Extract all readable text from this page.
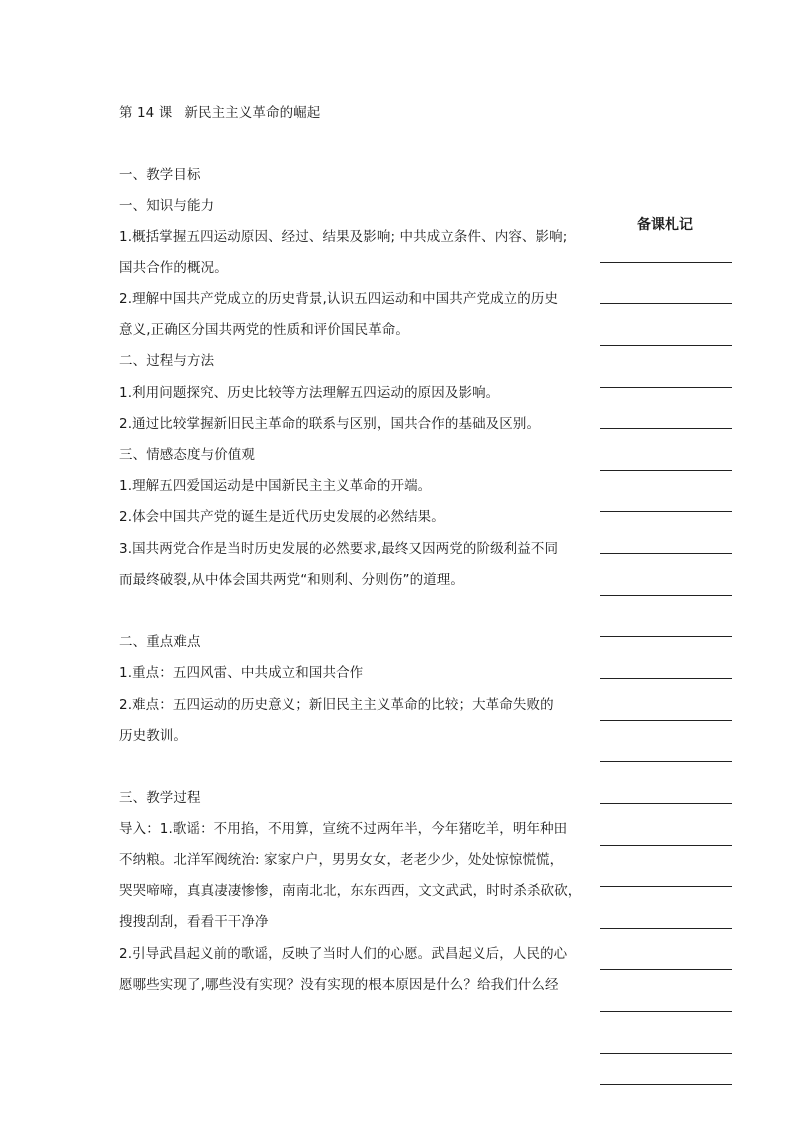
第 14 课 新民主主义革命的崛起
一、教学目标
一、知识与能力
1.概括掌握五四运动原因、经过、结果及影响; 中共成立条件、内容、影响;
国共合作的概况。
2.理解中国共产党成立的历史背景,认识五四运动和中国共产党成立的历史
意义,正确区分国共两党的性质和评价国民革命。
二、过程与方法
1.利用问题探究、历史比较等方法理解五四运动的原因及影响。
2.通过比较掌握新旧民主革命的联系与区别，国共合作的基础及区别。
三、情感态度与价值观
1.理解五四爱国运动是中国新民主主义革命的开端。
2.体会中国共产党的诞生是近代历史发展的必然结果。
3.国共两党合作是当时历史发展的必然要求,最终又因两党的阶级利益不同
而最终破裂,从中体会国共两党“和则利、分则伤”的道理。
二、重点难点
1.重点：五四风雷、中共成立和国共合作
2.难点：五四运动的历史意义；新旧民主主义革命的比较；大革命失败的
历史教训。
三、教学过程
导入：1.歌谣：不用掐，不用算，宣统不过两年半，今年猪吃羊，明年种田
不纳粮。北洋军阀统治: 家家户户，男男女女，老老少少，处处惊惊慌慌，
哭哭啼啼，真真凄凄惨惨，南南北北，东东西西，文文武武，时时杀杀砍砍，
搜搜刮刮，看看干干净净
2.引导武昌起义前的歌谣，反映了当时人们的心愿。武昌起义后，人民的心
愿哪些实现了,哪些没有实现？没有实现的根本原因是什么？给我们什么经
备课札记
